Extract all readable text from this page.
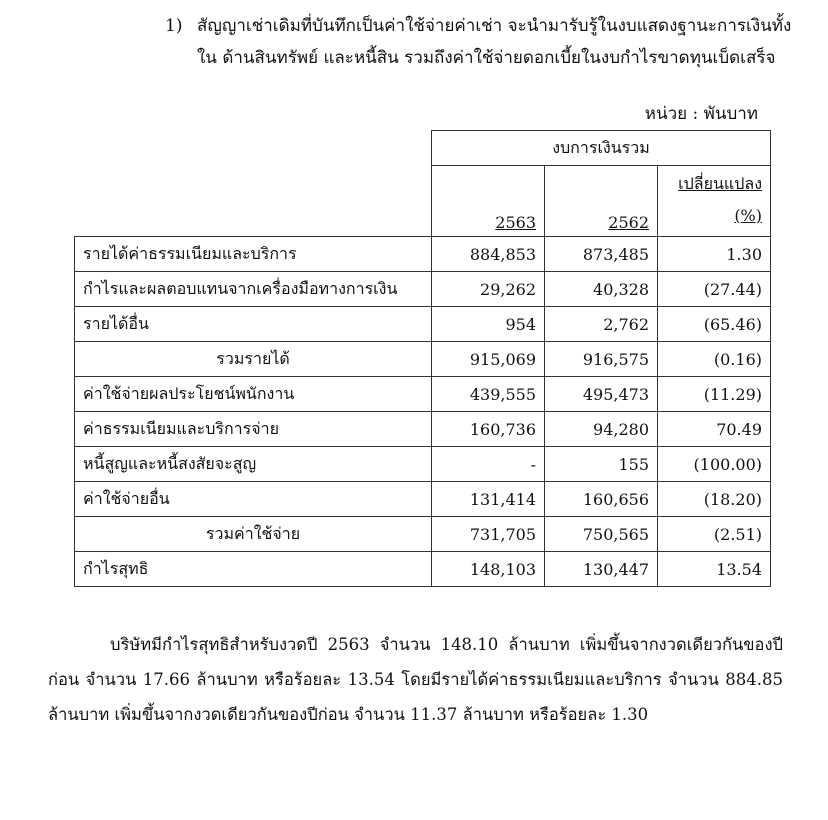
1) สัญญาเช่าเดิมที่บันทึกเป็นค่าใช้จ่ายค่าเช่า จะนำมารับรู้ในงบแสดงฐานะการเงินทั้งใน ด้านสินทรัพย์ และหนี้สิน รวมถึงค่าใช้จ่ายดอกเบี้ยในงบกำไรขาดทุนเบ็ดเสร็จ
หน่วย : พันบาท
	งบการเงินรวม		
	2563	2562	เปลี่ยนแปลง
(%)
รายได้ค่าธรรมเนียมและบริการ	884,853	873,485	1.30
กำไรและผลตอบแทนจากเครื่องมือทางการเงิน	29,262	40,328	(27.44)
รายได้อื่น	954	2,762	(65.46)
รวมรายได้	915,069	916,575	(0.16)
ค่าใช้จ่ายผลประโยชน์พนักงาน	439,555	495,473	(11.29)
ค่าธรรมเนียมและบริการจ่าย	160,736	94,280	70.49
หนี้สูญและหนี้สงสัยจะสูญ	-	155	(100.00)
ค่าใช้จ่ายอื่น	131,414	160,656	(18.20)
รวมค่าใช้จ่าย	731,705	750,565	(2.51)
กำไรสุทธิ	148,103	130,447	13.54

บริษัทมีกำไรสุทธิสำหรับงวดปี 2563 จำนวน 148.10 ล้านบาท เพิ่มขึ้นจากงวดเดียวกันของปีก่อน จำนวน 17.66 ล้านบาท หรือร้อยละ 13.54 โดยมีรายได้ค่าธรรมเนียมและบริการ จำนวน 884.85 ล้านบาท เพิ่มขึ้นจากงวดเดียวกันของปีก่อน จำนวน 11.37 ล้านบาท หรือร้อยละ 1.30
